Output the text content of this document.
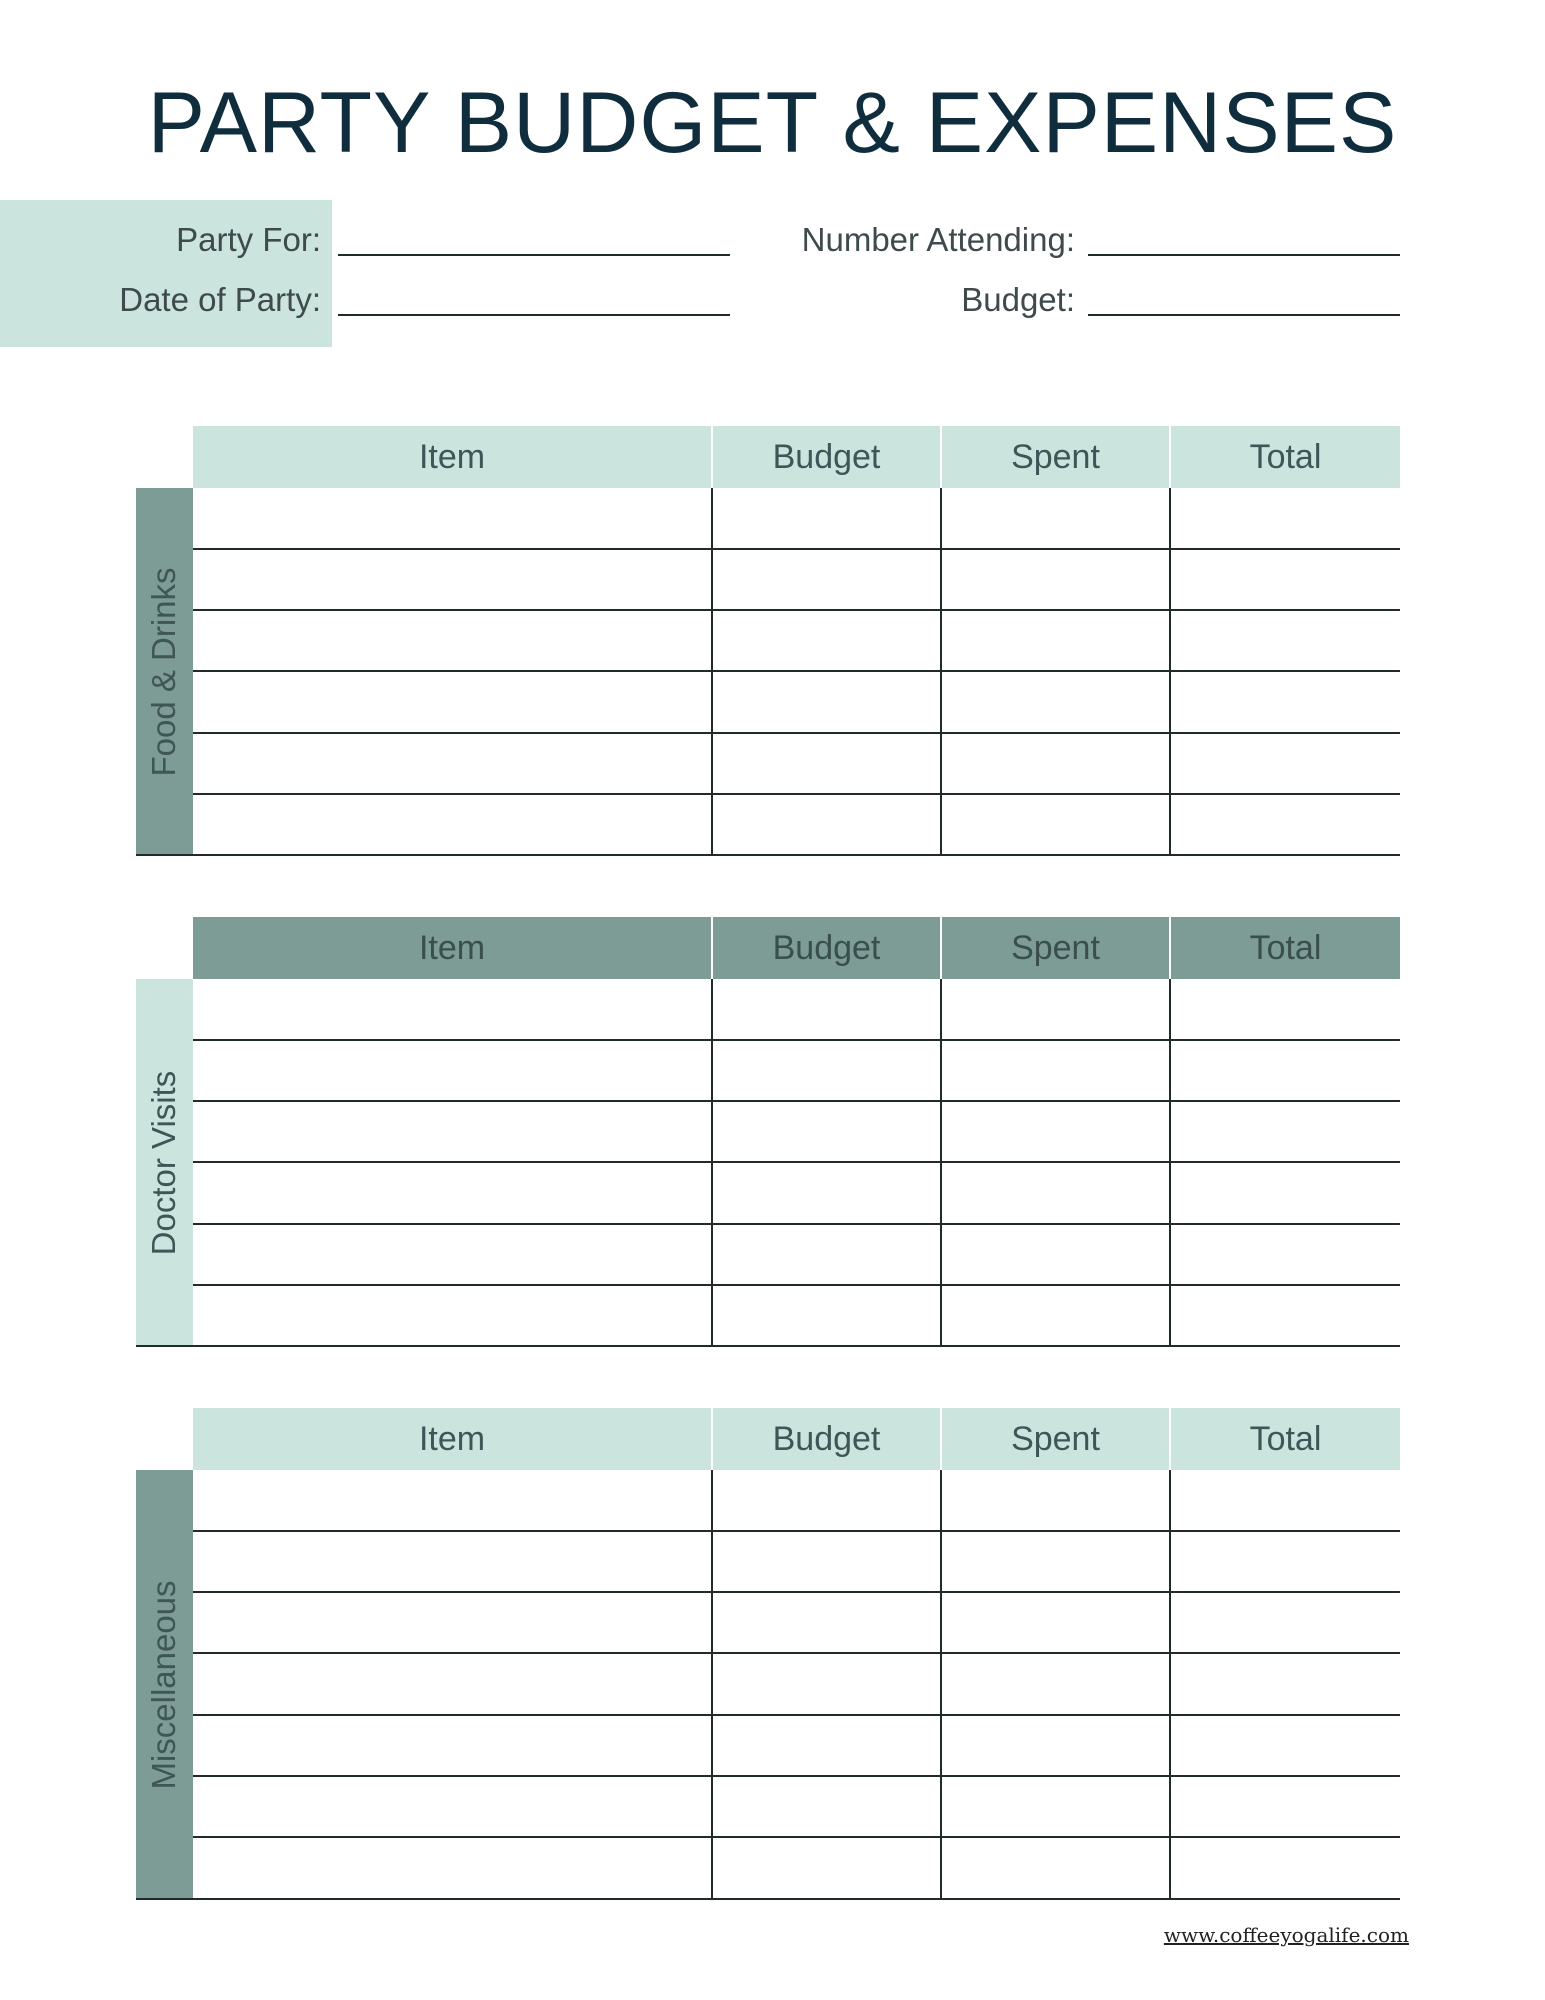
PARTY BUDGET & EXPENSES
Party For:
Date of Party:
Number Attending:
Budget:
Item	Budget	Spent	Total
Food & Drinks
Item	Budget	Spent	Total
Doctor Visits
Item	Budget	Spent	Total
Miscellaneous
www.coffeeyogalife.com
